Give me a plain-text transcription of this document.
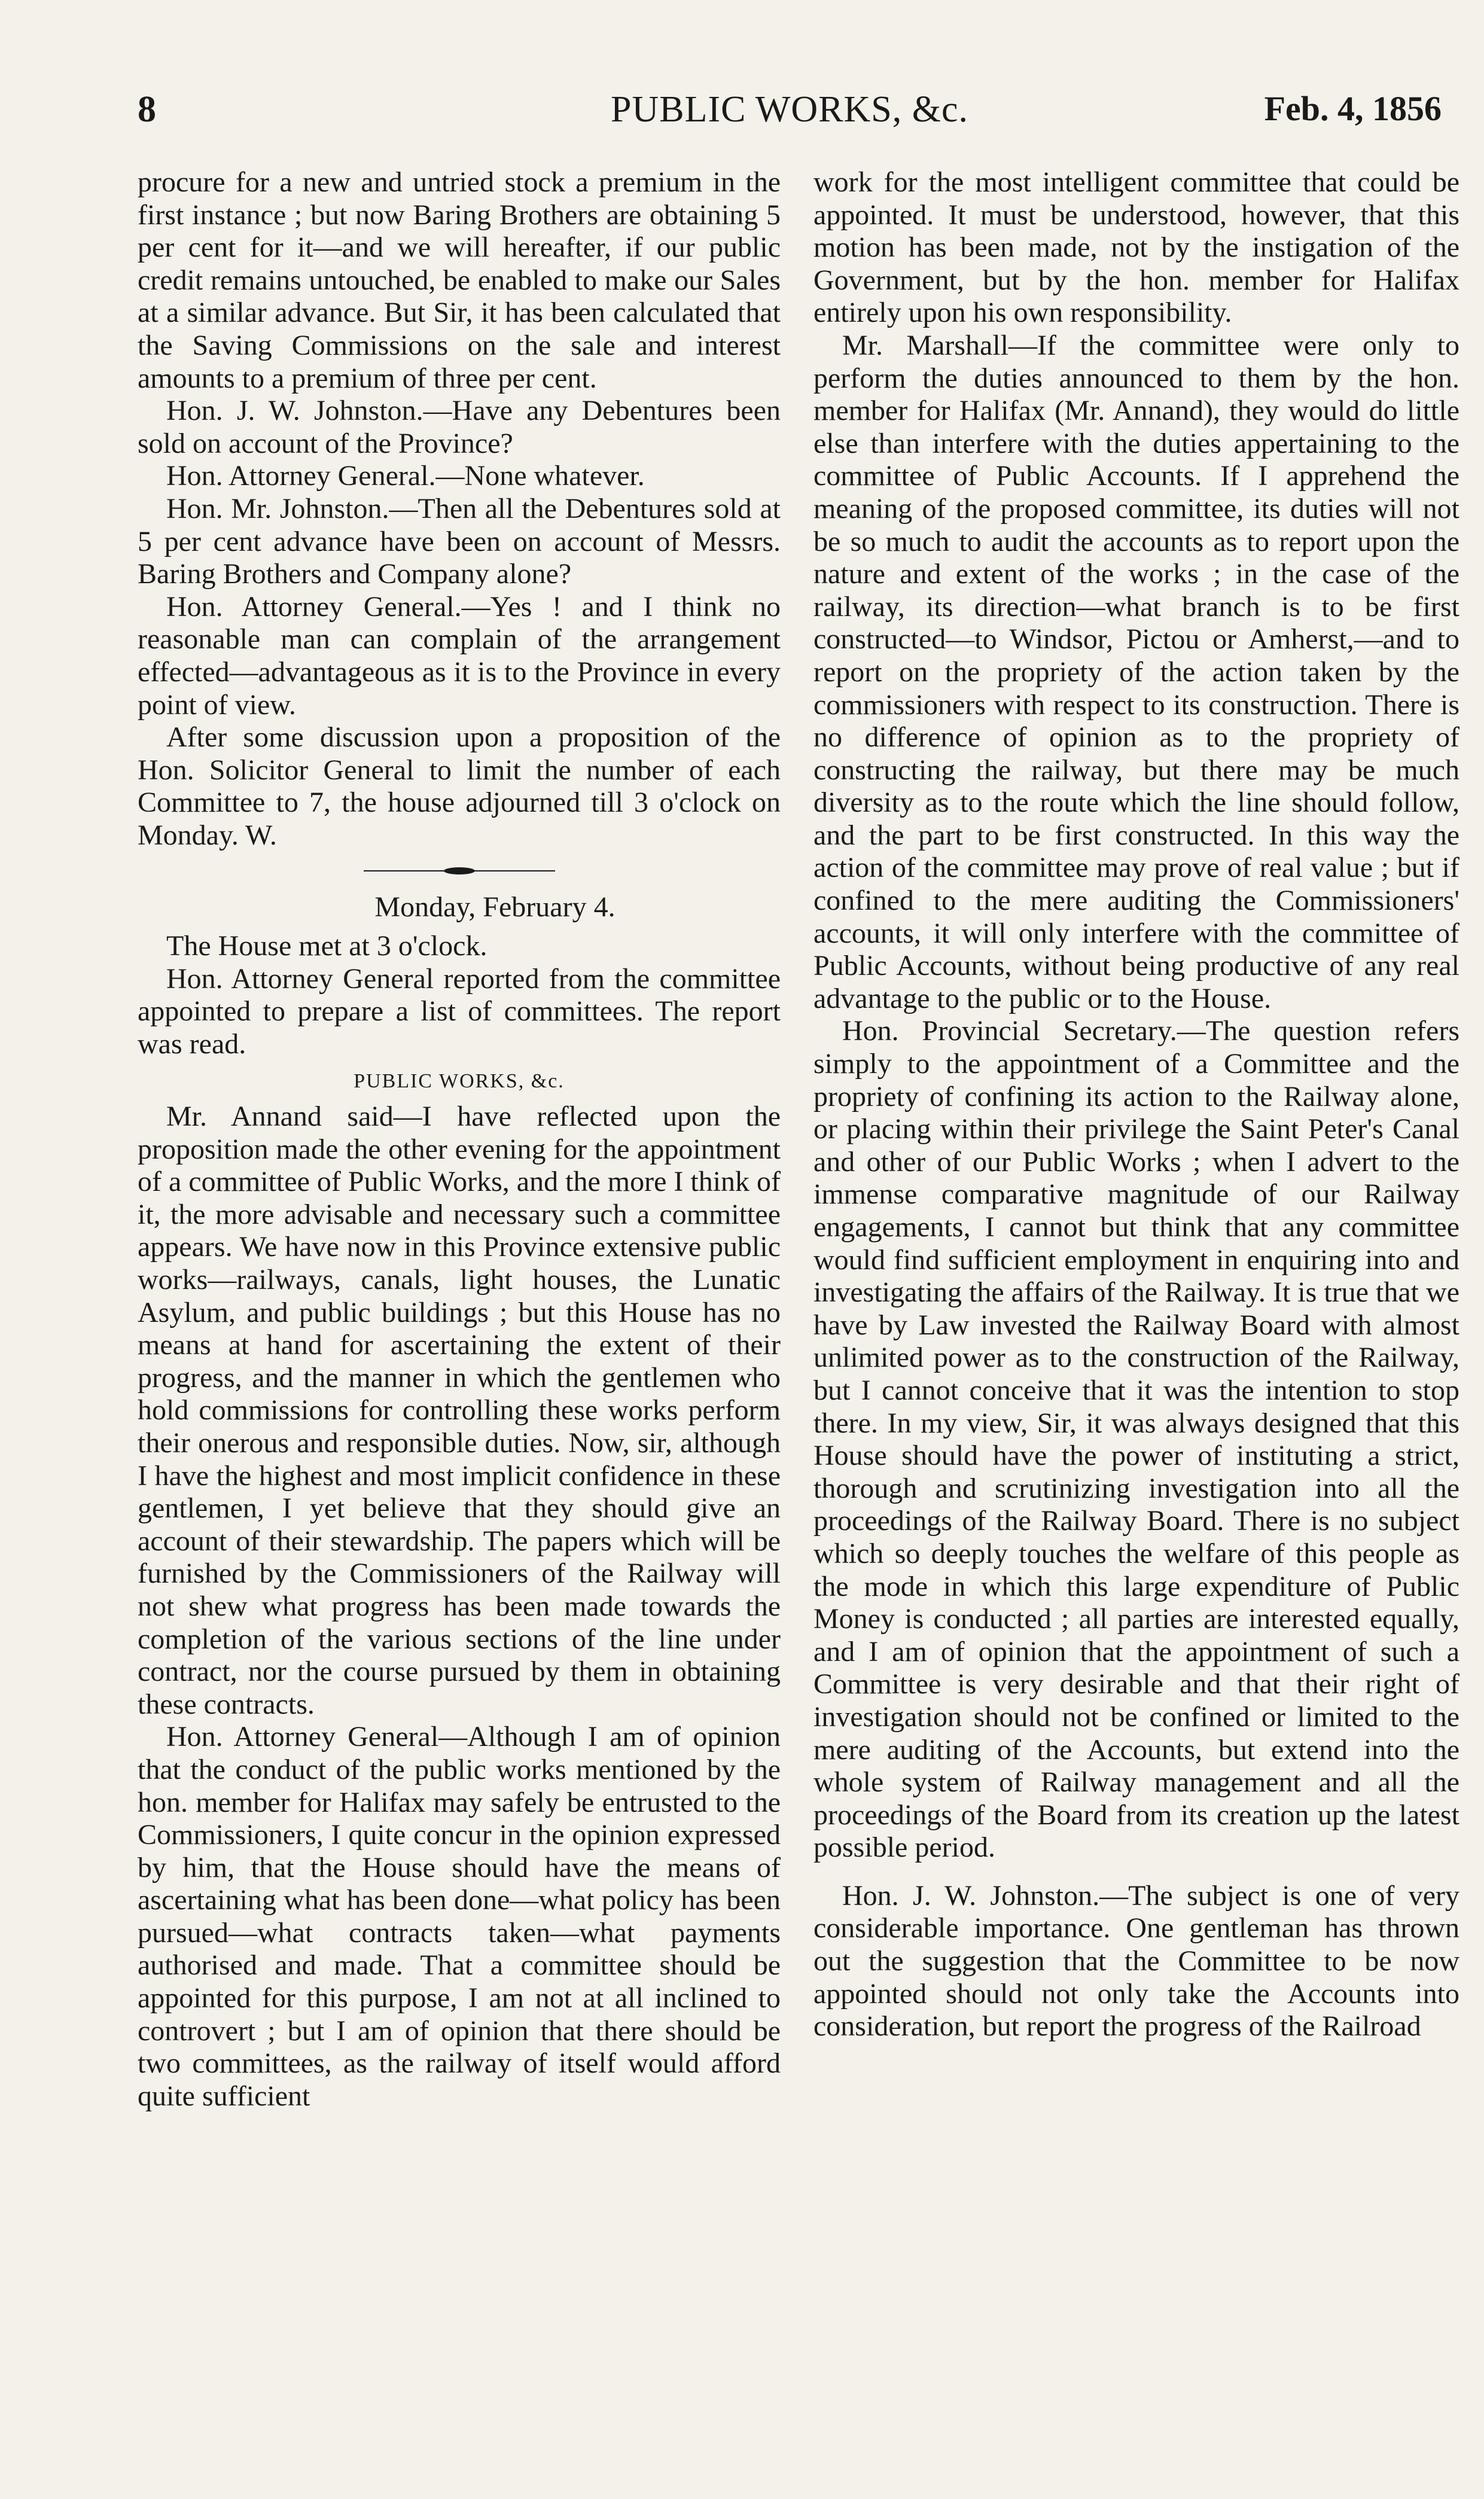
8	PUBLIC WORKS, &c.	Feb. 4, 1856

procure for a new and untried stock a premium in the first instance ; but now Baring Brothers are obtaining 5 per cent for it—and we will hereafter, if our public credit remains untouched, be enabled to make our Sales at a similar advance. But Sir, it has been calculated that the Saving Commissions on the sale and interest amounts to a premium of three per cent.

Hon. J. W. Johnston.—Have any Debentures been sold on account of the Province?

Hon. Attorney General.—None whatever.

Hon. Mr. Johnston.—Then all the Debentures sold at 5 per cent advance have been on account of Messrs. Baring Brothers and Company alone?

Hon. Attorney General.—Yes ! and I think no reasonable man can complain of the arrangement effected—advantageous as it is to the Province in every point of view.

After some discussion upon a proposition of the Hon. Solicitor General to limit the number of each Committee to 7, the house adjourned till 3 o'clock on Monday. W.

Monday, February 4.

The House met at 3 o'clock.

Hon. Attorney General reported from the committee appointed to prepare a list of committees. The report was read.

PUBLIC WORKS, &c.

Mr. Annand said—I have reflected upon the proposition made the other evening for the appointment of a committee of Public Works, and the more I think of it, the more advisable and necessary such a committee appears. We have now in this Province extensive public works—railways, canals, light houses, the Lunatic Asylum, and public buildings ; but this House has no means at hand for ascertaining the extent of their progress, and the manner in which the gentlemen who hold commissions for controlling these works perform their onerous and responsible duties. Now, sir, although I have the highest and most implicit confidence in these gentlemen, I yet believe that they should give an account of their stewardship. The papers which will be furnished by the Commissioners of the Railway will not shew what progress has been made towards the completion of the various sections of the line under contract, nor the course pursued by them in obtaining these contracts.

Hon. Attorney General—Although I am of opinion that the conduct of the public works mentioned by the hon. member for Halifax may safely be entrusted to the Commissioners, I quite concur in the opinion expressed by him, that the House should have the means of ascertaining what has been done—what policy has been pursued—what contracts taken—what payments authorised and made. That a committee should be appointed for this purpose, I am not at all inclined to controvert ; but I am of opinion that there should be two committees, as the railway of itself would afford quite sufficient

work for the most intelligent committee that could be appointed. It must be understood, however, that this motion has been made, not by the instigation of the Government, but by the hon. member for Halifax entirely upon his own responsibility.

Mr. Marshall—If the committee were only to perform the duties announced to them by the hon. member for Halifax (Mr. Annand), they would do little else than interfere with the duties appertaining to the committee of Public Accounts. If I apprehend the meaning of the proposed committee, its duties will not be so much to audit the accounts as to report upon the nature and extent of the works ; in the case of the railway, its direction—what branch is to be first constructed—to Windsor, Pictou or Amherst,—and to report on the propriety of the action taken by the commissioners with respect to its construction. There is no difference of opinion as to the propriety of constructing the railway, but there may be much diversity as to the route which the line should follow, and the part to be first constructed. In this way the action of the committee may prove of real value ; but if confined to the mere auditing the Commissioners' accounts, it will only interfere with the committee of Public Accounts, without being productive of any real advantage to the public or to the House.

Hon. Provincial Secretary.—The question refers simply to the appointment of a Committee and the propriety of confining its action to the Railway alone, or placing within their privilege the Saint Peter's Canal and other of our Public Works ; when I advert to the immense comparative magnitude of our Railway engagements, I cannot but think that any committee would find sufficient employment in enquiring into and investigating the affairs of the Railway. It is true that we have by Law invested the Railway Board with almost unlimited power as to the construction of the Railway, but I cannot conceive that it was the intention to stop there. In my view, Sir, it was always designed that this House should have the power of instituting a strict, thorough and scrutinizing investigation into all the proceedings of the Railway Board. There is no subject which so deeply touches the welfare of this people as the mode in which this large expenditure of Public Money is conducted ; all parties are interested equally, and I am of opinion that the appointment of such a Committee is very desirable and that their right of investigation should not be confined or limited to the mere auditing of the Accounts, but extend into the whole system of Railway management and all the proceedings of the Board from its creation up the latest possible period.

Hon. J. W. Johnston.—The subject is one of very considerable importance. One gentleman has thrown out the suggestion that the Committee to be now appointed should not only take the Accounts into consideration, but report the progress of the Railroad
